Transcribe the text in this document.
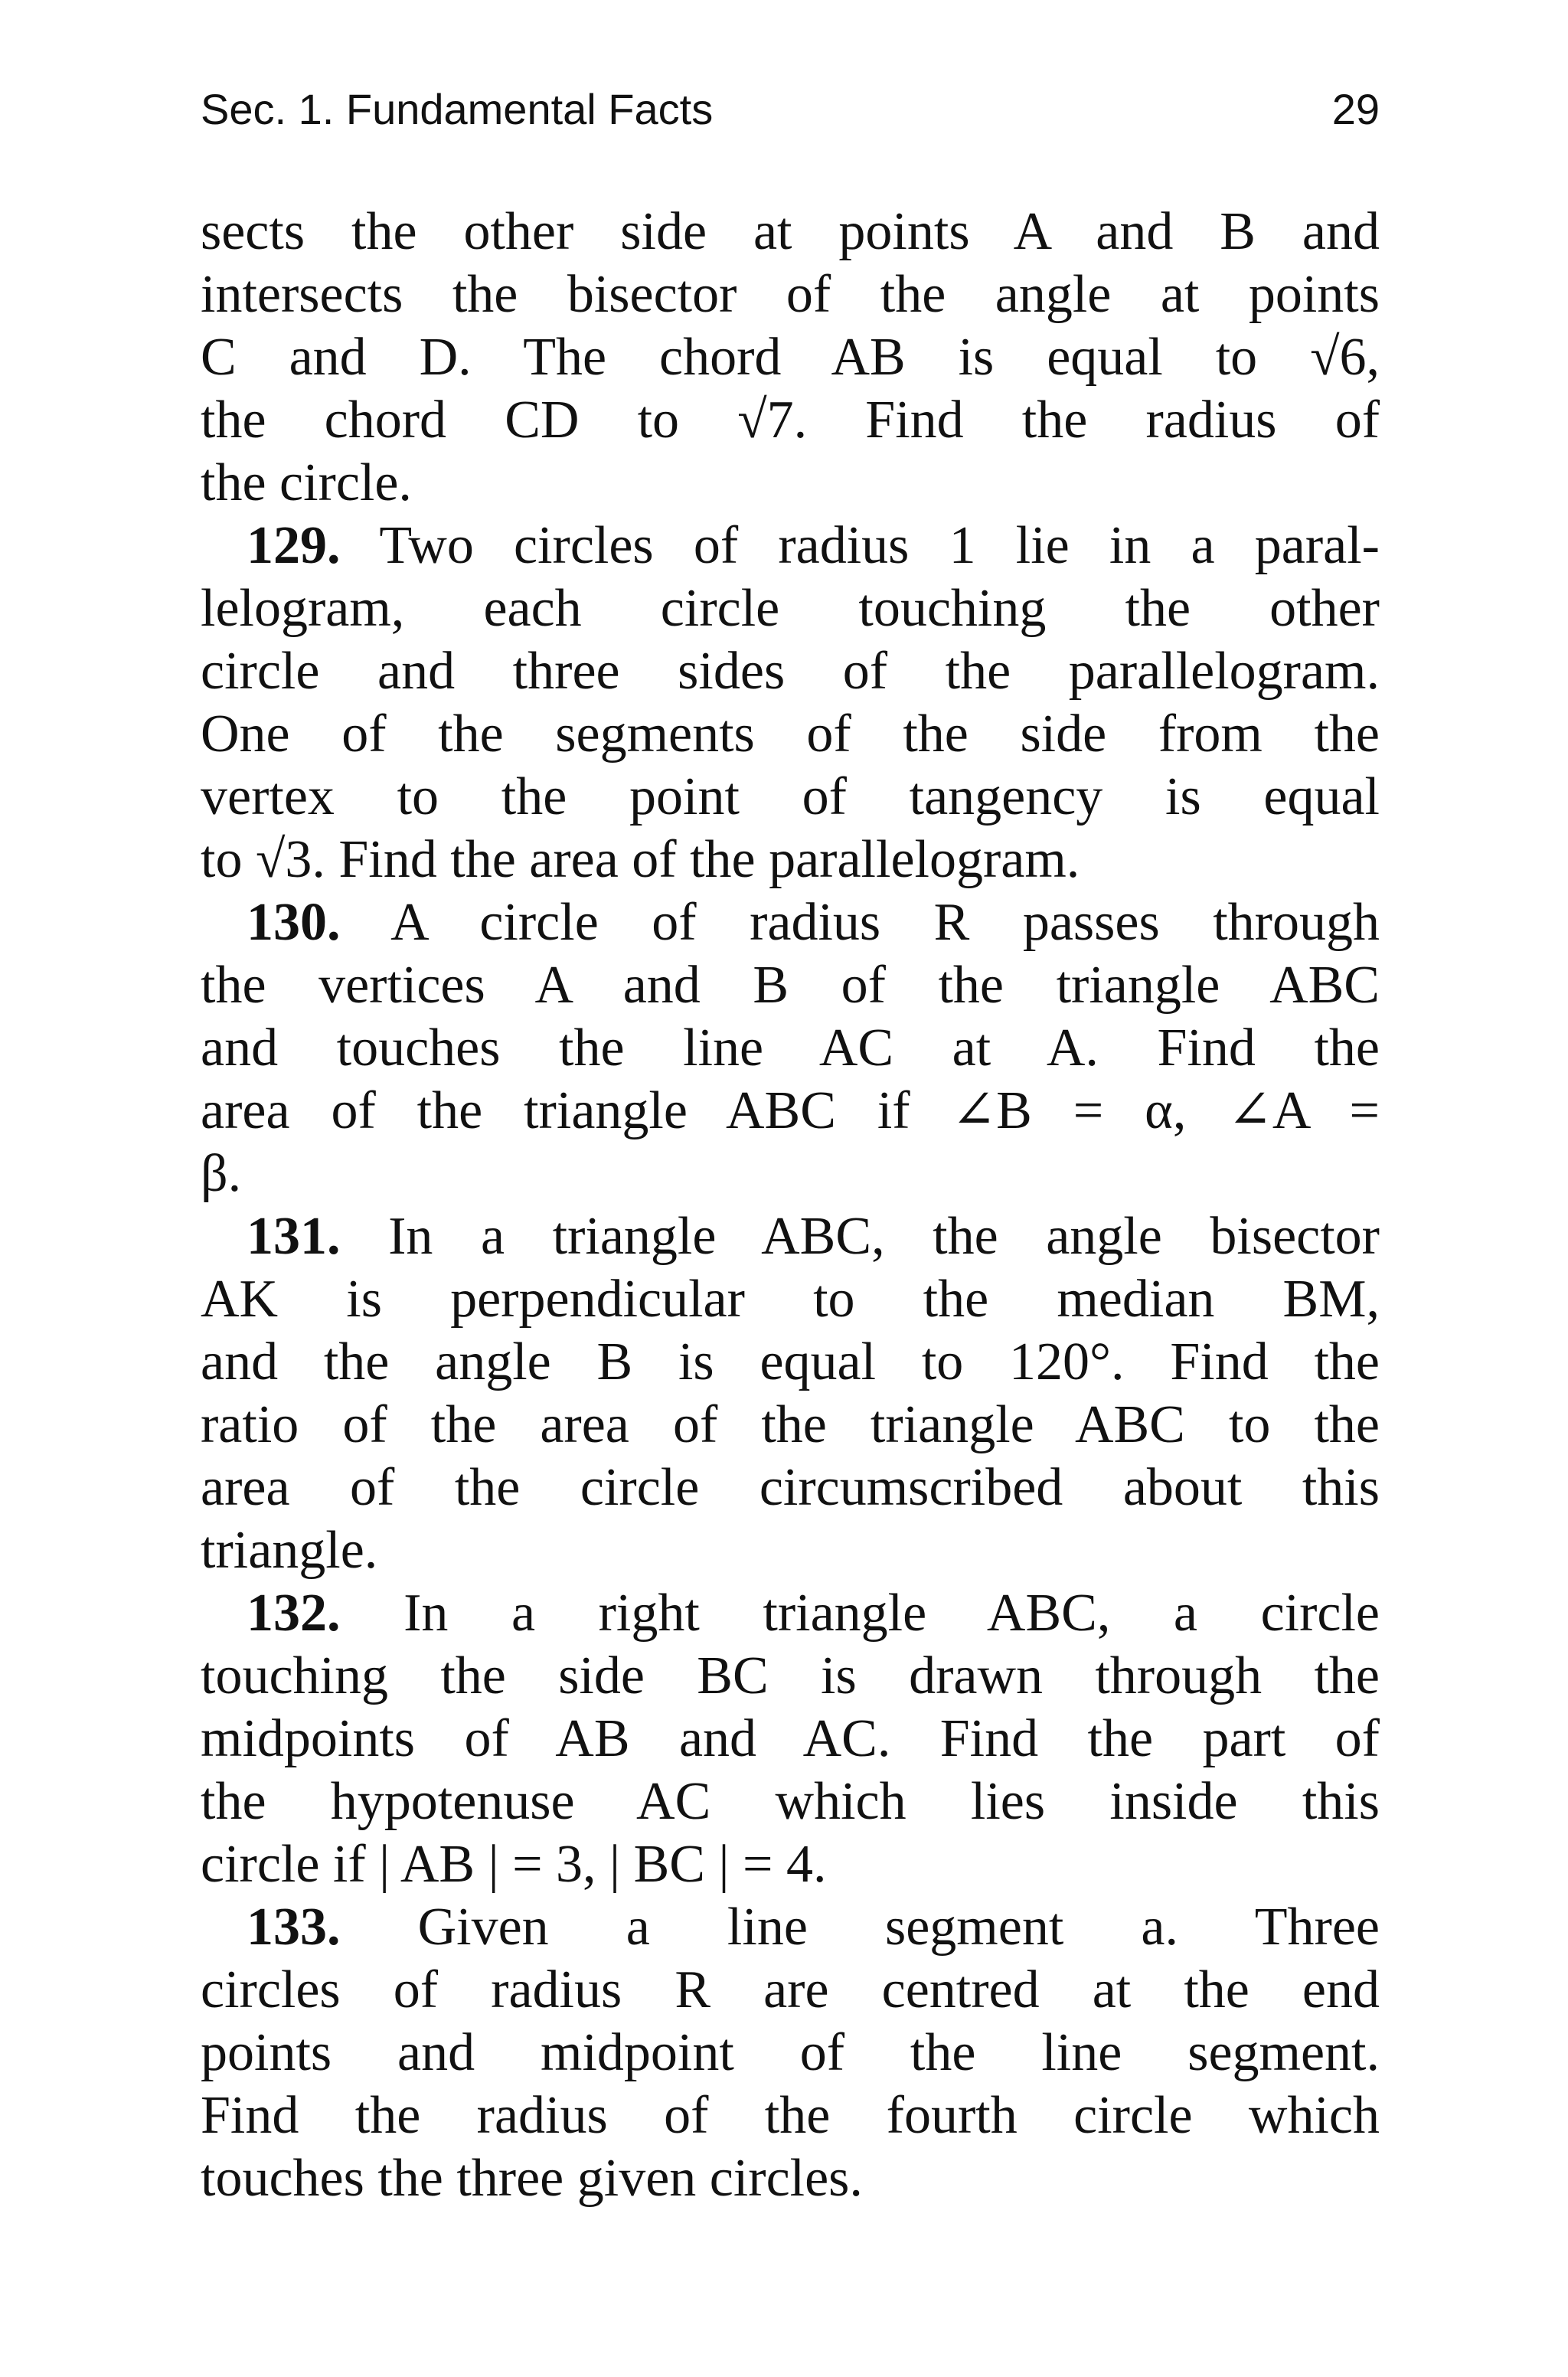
Sec. 1. Fundamental Facts	29
sects the other side at points A and B and
intersects the bisector of the angle at points
C and D. The chord AB is equal to √6,
the chord CD to √7. Find the radius of
the circle.
129. Two circles of radius 1 lie in a paral-
lelogram, each circle touching the other
circle and three sides of the parallelogram.
One of the segments of the side from the
vertex to the point of tangency is equal
to √3. Find the area of the parallelogram.
130. A circle of radius R passes through
the vertices A and B of the triangle ABC
and touches the line AC at A. Find the
area of the triangle ABC if ∠B = α, ∠A =
β.
131. In a triangle ABC, the angle bisector
AK is perpendicular to the median BM,
and the angle B is equal to 120°. Find the
ratio of the area of the triangle ABC to the
area of the circle circumscribed about this
triangle.
132. In a right triangle ABC, a circle
touching the side BC is drawn through the
midpoints of AB and AC. Find the part of
the hypotenuse AC which lies inside this
circle if | AB | = 3, | BC | = 4.
133. Given a line segment a. Three
circles of radius R are centred at the end
points and midpoint of the line segment.
Find the radius of the fourth circle which
touches the three given circles.
